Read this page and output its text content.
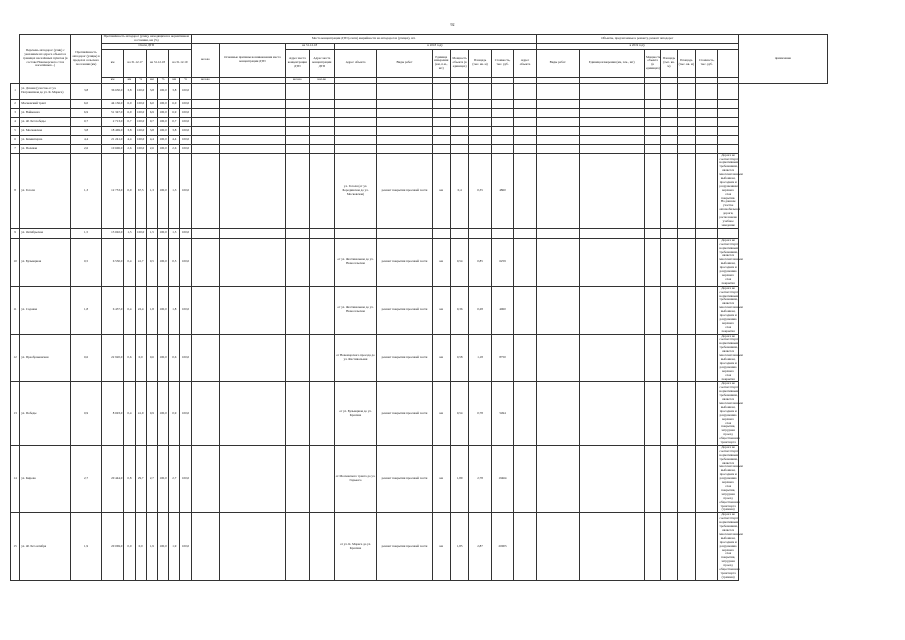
92
	Перечень автодорог (улиц) с указанием их адреса объекта в границах населённых пунктов (в составе Новоморского с/п и населённых...)	Протяжённость автодорог (улицы) в пределах сельского поселения (км)	Протяжённость автодорог (улиц), находящихся в нормативном состоянии, км (%)							Места концентрации ДТП (очаги) аварийности на автодорогах (улицах), шт.											Объекты, предлагаемые к ремонту, ремонт автодорог							примечание
			Очаги ДТП							кол-во	Основные причины возникновения места концентрации ДТП	на 31.12.18		в 2018 году							в 2019 году							
			км	на 31.12.17		на 31.12.18		на 31.12.19				Адрес места концентрации ДТП	Адрес места концентрации ДТП	Адрес объекта	Виды работ	Единица измерения (км, п.м., шт)	Мощность объекта (в единицах)	Площадь (тыс. кв. м)	Стоимость, тыс. руб.	Адрес объекта	Виды работ	Единица измерения (км, п.м., шт)	Мощность объекта (в единицах)	Площадь (тыс. кв. м)	Площадь (тыс. кв. м)	Стоимость, тыс. руб.		
			км	км	%	км	%	км	%	кол-во		кол-во	кол-во															
1	ул. Дачная (участок от ул. Пограничная до ул. К. Маркса)	3,8	36 630,0	3,8	100,0	3,8	100,0	3,8	100,0																			
2	Московский тракт	6,0	44 136,0	6,0	100,0	6,0	100,0	6,0	100,0																			
3	ул. Войкового	6,9	51 347,0	6,9	100,0	6,9	100,0	6,9	100,0																			
4	ул. 40 Лет победы	0,7	2 713,0	0,7	100,0	0,7	100,0	0,7	100,0																			
5	ул. Московская	3,8	18 469,0	3,8	100,0	3,8	100,0	3,8	100,0																			
6	ул. Коминтерна	4,4	21 241,0	4,4	100,0	4,4	100,0	4,4	100,0																			
7	ул. Полевая	2,6	10 606,0	2,6	100,0	2,6	100,0	2,6	100,0																			
8	ул. Гоголя	1,3	12 753,0	0,9	67,5	1,3	100,0	1,3	100,0					у.з. Гоголя (от ул. Бородинская до ул. Московская)	ремонт покрытия проезжей части	км	0,4	0,35	4860								Дорога не соответствует нормативным требованиям, является многочисленным выбоинам, просадкам и разрушениям верхнего слоя покрытия. На данном участке автомобильной дороги, расположено учебное заведение	
9	ул. Октябрьская	1,5	13 692,0	1,5	100,0	1,5	100,0	1,5	100,0																			
10	ул. Бульварная	0,5	6 530,0	0,4	41,7	0,5	100,0	0,5	100,0					от ул. Фестивальная до ул. Новосельская	ремонт покрытия проезжей части	км	0,54	0,85	6259								Дорога не соответствует нормативным требованиям, является многочисленным выбоинам, просадкам и разрушению верхнего слоя покрытия	
11	ул. Садовая	1,8	6 437,0	0,4	22,4	1,8	100,0	1,8	100,0					от ул. Фестивальная до ул. Новосельская	ремонт покрытия проезжей части	км	0,36	0,28	4060								Дорога не соответствует нормативным требованиям, является многочисленным выбоинам, просадкам и разрушению верхнего слоя покрытия	
12	ул. Преображенская	0,6	22 920,0	0,6	0,0	0,6	100,0	0,6	100,0					от Новоморского проезда до ул. Фестивальная	ремонт покрытия проезжей части	км	0,58	1,18	8750								Дорога не соответствует нормативным требованиям, является многочисленным выбоинам, просадкам и разрушению верхнего слоя покрытия	
13	ул. Победы	0,9	8 693,0	0,4	41,9	0,9	100,0	0,9	100,0					от ул. Бульварная до ул. Красина	ремонт покрытия проезжей части	км	0,54	0,78	5494								Дорога не соответствует нормативным требованиям, является многочисленным выбоинам, просадкам и разрушению верхнего слоя покрытия, затруднен проезд общественного транспорта	
14	ул. Кирова	2,7	20 444,0	0,8	29,7	2,7	100,0	2,7	100,0					от Московского тракта до ул. Горького	ремонт покрытия проезжей части	км	1,89	2,78	19464								Дорога не соответствует нормативным требованиям, является многочисленным выбоинам, просадкам и разрушению верхнего слоя покрытия, затруднен проезд общественного транспорта (трамвая)	
15	ул. 40 Лет октября	1,9	20 069,0	0,0	0,0	1,9	100,0	1,9	100,0					от ул. К. Маркса до ул. Красина	ремонт покрытия проезжей части	км	1,85	2,87	20003								Дорога не соответствует нормативным требованиям, является многочисленным выбоинам, просадкам и разрушению верхнего слоя покрытия, затруднен проезд общественного транспорта (трамвая)	
